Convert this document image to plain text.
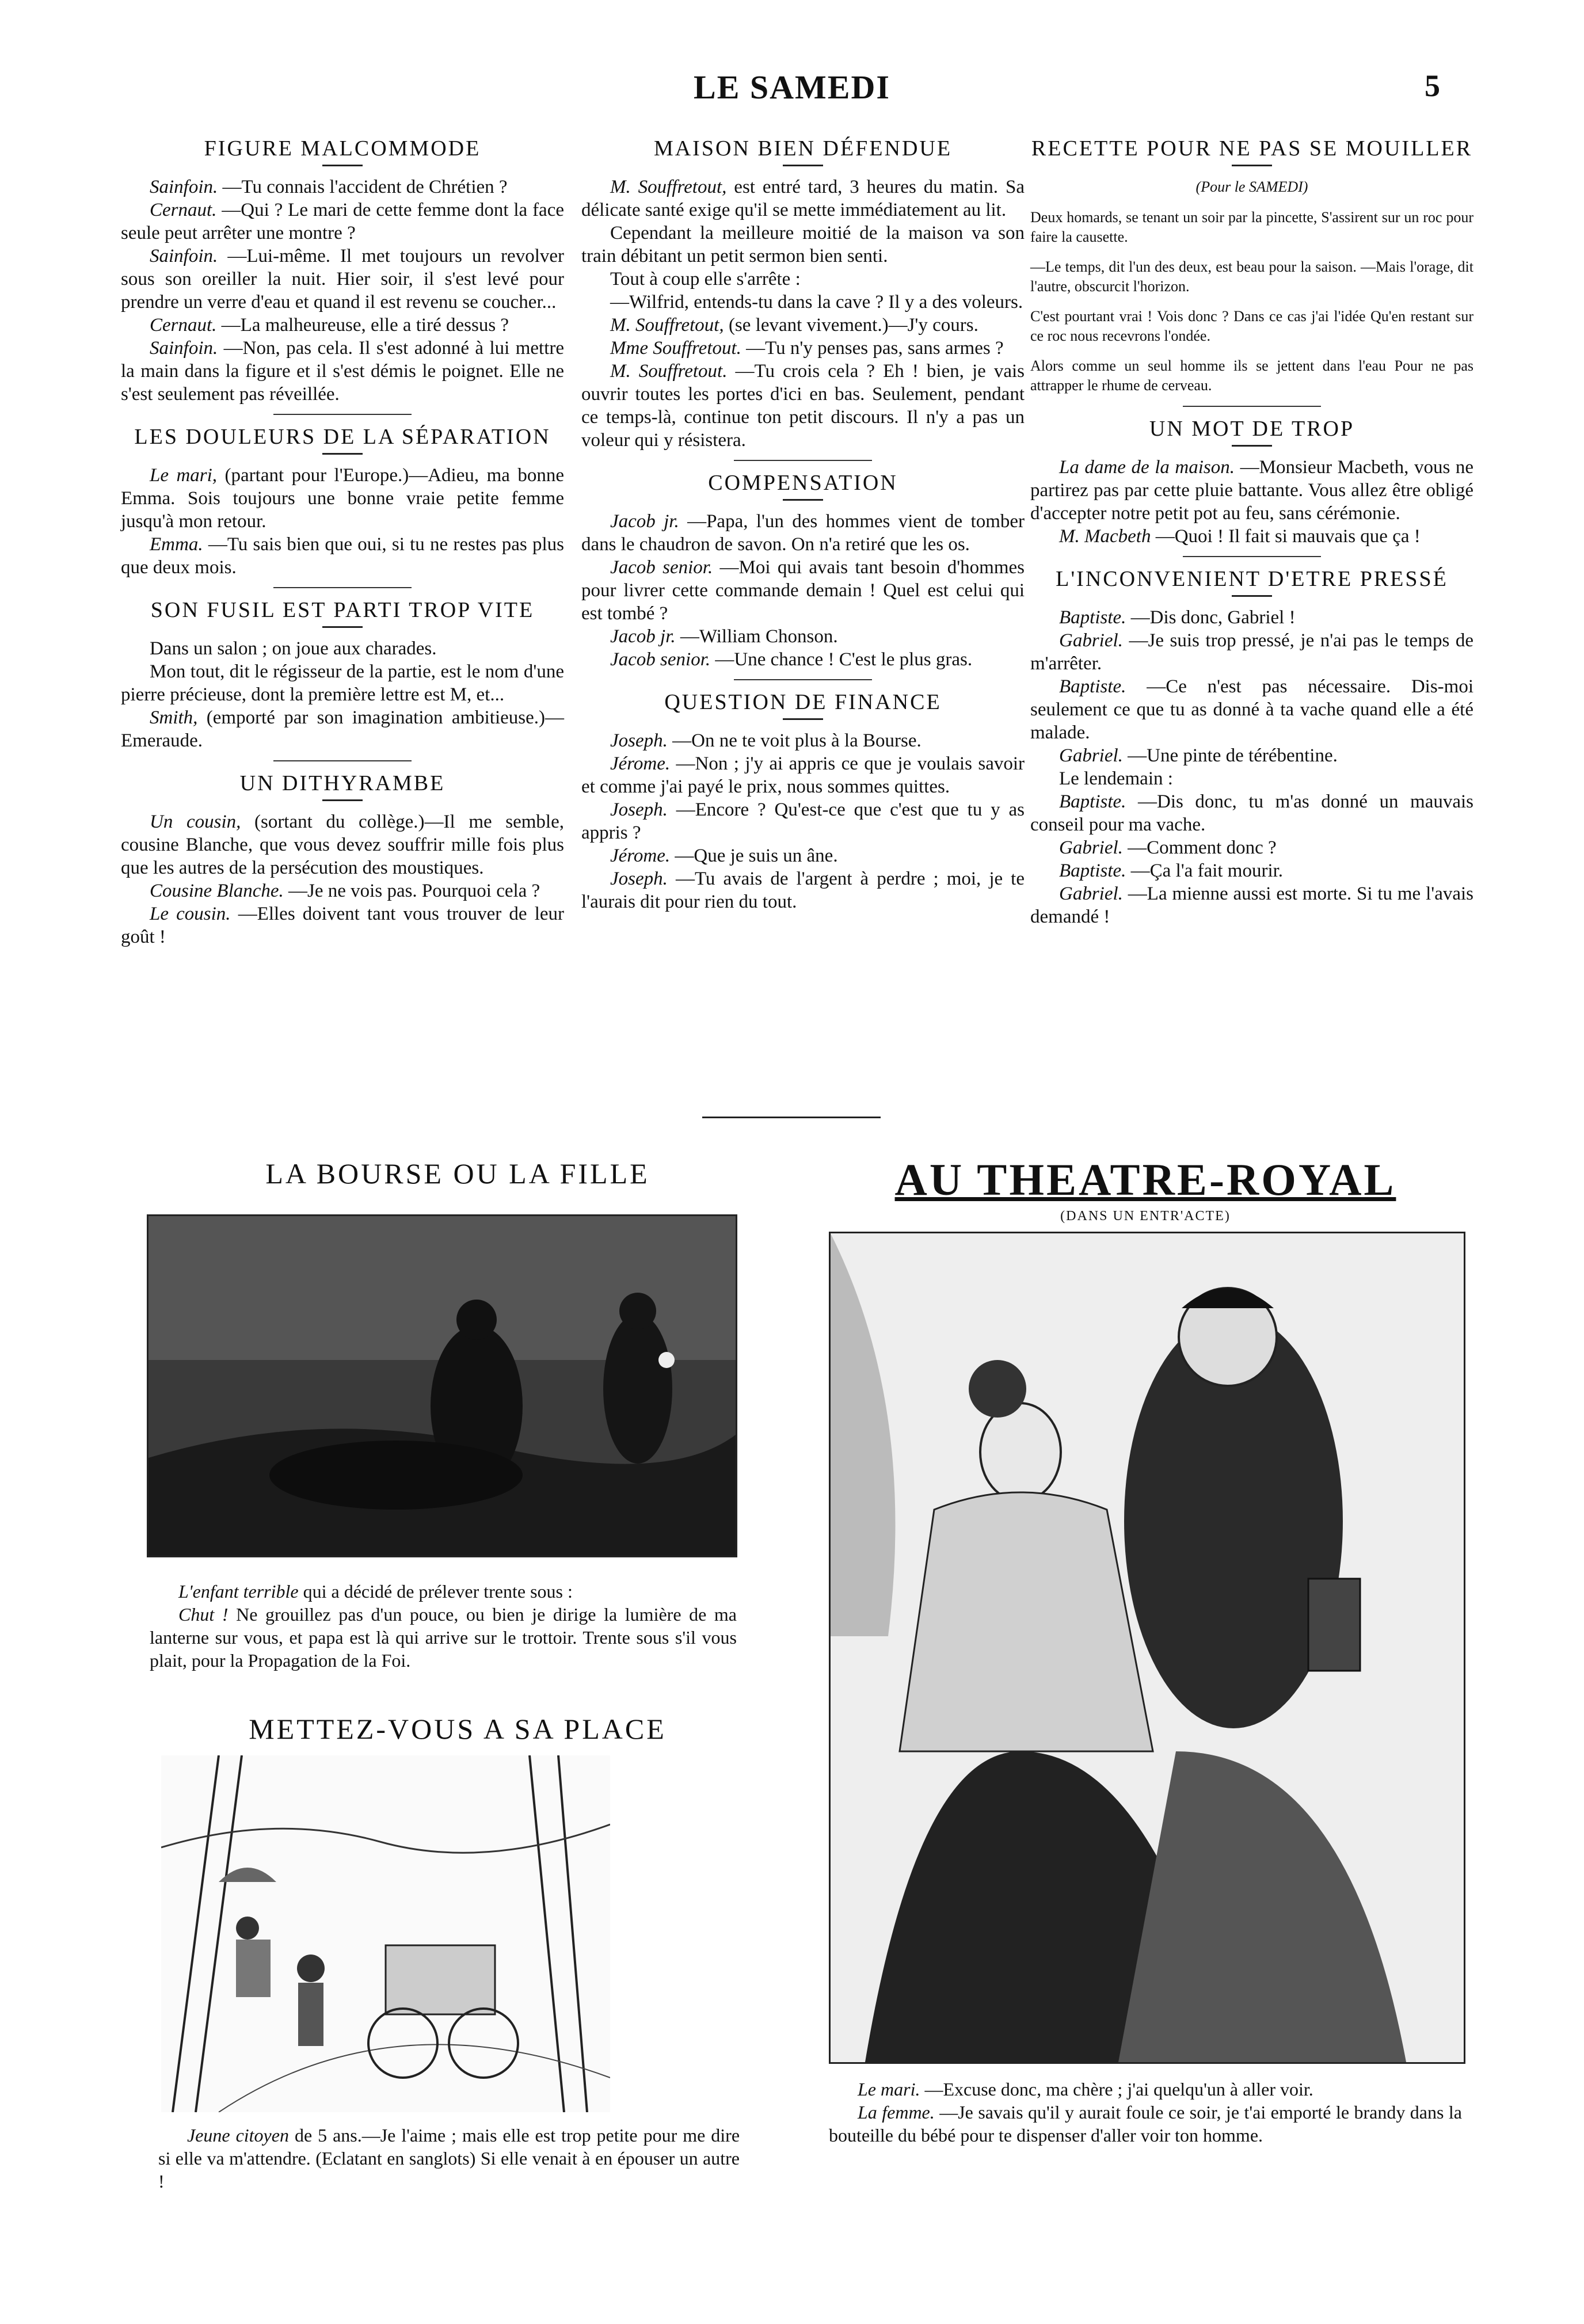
LE SAMEDI	5
FIGURE MALCOMMODE

Sainfoin. —Tu connais l'accident de Chrétien ?

Cernaut. —Qui ? Le mari de cette femme dont la face seule peut arrêter une montre ?

Sainfoin. —Lui-même. Il met toujours un revolver sous son oreiller la nuit. Hier soir, il s'est levé pour prendre un verre d'eau et quand il est revenu se coucher...

Cernaut. —La malheureuse, elle a tiré dessus ?

Sainfoin. —Non, pas cela. Il s'est adonné à lui mettre la main dans la figure et il s'est démis le poignet. Elle ne s'est seulement pas réveillée.

LES DOULEURS DE LA SÉPARATION

Le mari, (partant pour l'Europe.)—Adieu, ma bonne Emma. Sois toujours une bonne vraie petite femme jusqu'à mon retour.

Emma. —Tu sais bien que oui, si tu ne restes pas plus que deux mois.

SON FUSIL EST PARTI TROP VITE

Dans un salon ; on joue aux charades.

Mon tout, dit le régisseur de la partie, est le nom d'une pierre précieuse, dont la première lettre est M, et...

Smith, (emporté par son imagination ambitieuse.)—Emeraude.

UN DITHYRAMBE

Un cousin, (sortant du collège.)—Il me semble, cousine Blanche, que vous devez souffrir mille fois plus que les autres de la persécution des moustiques.

Cousine Blanche. —Je ne vois pas. Pourquoi cela ?

Le cousin. —Elles doivent tant vous trouver de leur goût !

MAISON BIEN DÉFENDUE

M. Souffretout, est entré tard, 3 heures du matin. Sa délicate santé exige qu'il se mette immédiatement au lit.

Cependant la meilleure moitié de la maison va son train débitant un petit sermon bien senti.

Tout à coup elle s'arrête :

—Wilfrid, entends-tu dans la cave ? Il y a des voleurs.

M. Souffretout, (se levant vivement.)—J'y cours.

Mme Souffretout. —Tu n'y penses pas, sans armes ?

M. Souffretout. —Tu crois cela ? Eh ! bien, je vais ouvrir toutes les portes d'ici en bas. Seulement, pendant ce temps-là, continue ton petit discours. Il n'y a pas un voleur qui y résistera.

COMPENSATION

Jacob jr. —Papa, l'un des hommes vient de tomber dans le chaudron de savon. On n'a retiré que les os.

Jacob senior. —Moi qui avais tant besoin d'hommes pour livrer cette commande demain ! Quel est celui qui est tombé ?

Jacob jr. —William Chonson.

Jacob senior. —Une chance ! C'est le plus gras.

QUESTION DE FINANCE

Joseph. —On ne te voit plus à la Bourse.

Jérome. —Non ; j'y ai appris ce que je voulais savoir et comme j'ai payé le prix, nous sommes quittes.

Joseph. —Encore ? Qu'est-ce que c'est que tu y as appris ?

Jérome. —Que je suis un âne.

Joseph. —Tu avais de l'argent à perdre ; moi, je te l'aurais dit pour rien du tout.

RECETTE POUR NE PAS SE MOUILLER
(Pour le SAMEDI)

Deux homards, se tenant un soir par la pincette, S'assirent sur un roc pour faire la causette.

—Le temps, dit l'un des deux, est beau pour la saison. —Mais l'orage, dit l'autre, obscurcit l'horizon.

C'est pourtant vrai ! Vois donc ? Dans ce cas j'ai l'idée Qu'en restant sur ce roc nous recevrons l'ondée.

Alors comme un seul homme ils se jettent dans l'eau Pour ne pas attrapper le rhume de cerveau.

UN MOT DE TROP

La dame de la maison. —Monsieur Macbeth, vous ne partirez pas par cette pluie battante. Vous allez être obligé d'accepter notre petit pot au feu, sans cérémonie.

M. Macbeth —Quoi ! Il fait si mauvais que ça !

L'INCONVENIENT D'ETRE PRESSÉ

Baptiste. —Dis donc, Gabriel !

Gabriel. —Je suis trop pressé, je n'ai pas le temps de m'arrêter.

Baptiste. —Ce n'est pas nécessaire. Dis-moi seulement ce que tu as donné à ta vache quand elle a été malade.

Gabriel. —Une pinte de térébentine.

Le lendemain :

Baptiste. —Dis donc, tu m'as donné un mauvais conseil pour ma vache.

Gabriel. —Comment donc ?

Baptiste. —Ça l'a fait mourir.

Gabriel. —La mienne aussi est morte. Si tu me l'avais demandé !

LA BOURSE OU LA FILLE

L'enfant terrible qui a décidé de prélever trente sous :

Chut ! Ne grouillez pas d'un pouce, ou bien je dirige la lumière de ma lanterne sur vous, et papa est là qui arrive sur le trottoir. Trente sous s'il vous plait, pour la Propagation de la Foi.

METTEZ-VOUS A SA PLACE

Jeune citoyen de 5 ans.—Je l'aime ; mais elle est trop petite pour me dire si elle va m'attendre. (Eclatant en sanglots) Si elle venait à en épouser un autre !

AU THEATRE-ROYAL
(DANS UN ENTR'ACTE)

Le mari. —Excuse donc, ma chère ; j'ai quelqu'un à aller voir.

La femme. —Je savais qu'il y aurait foule ce soir, je t'ai emporté le brandy dans la bouteille du bébé pour te dispenser d'aller voir ton homme.
